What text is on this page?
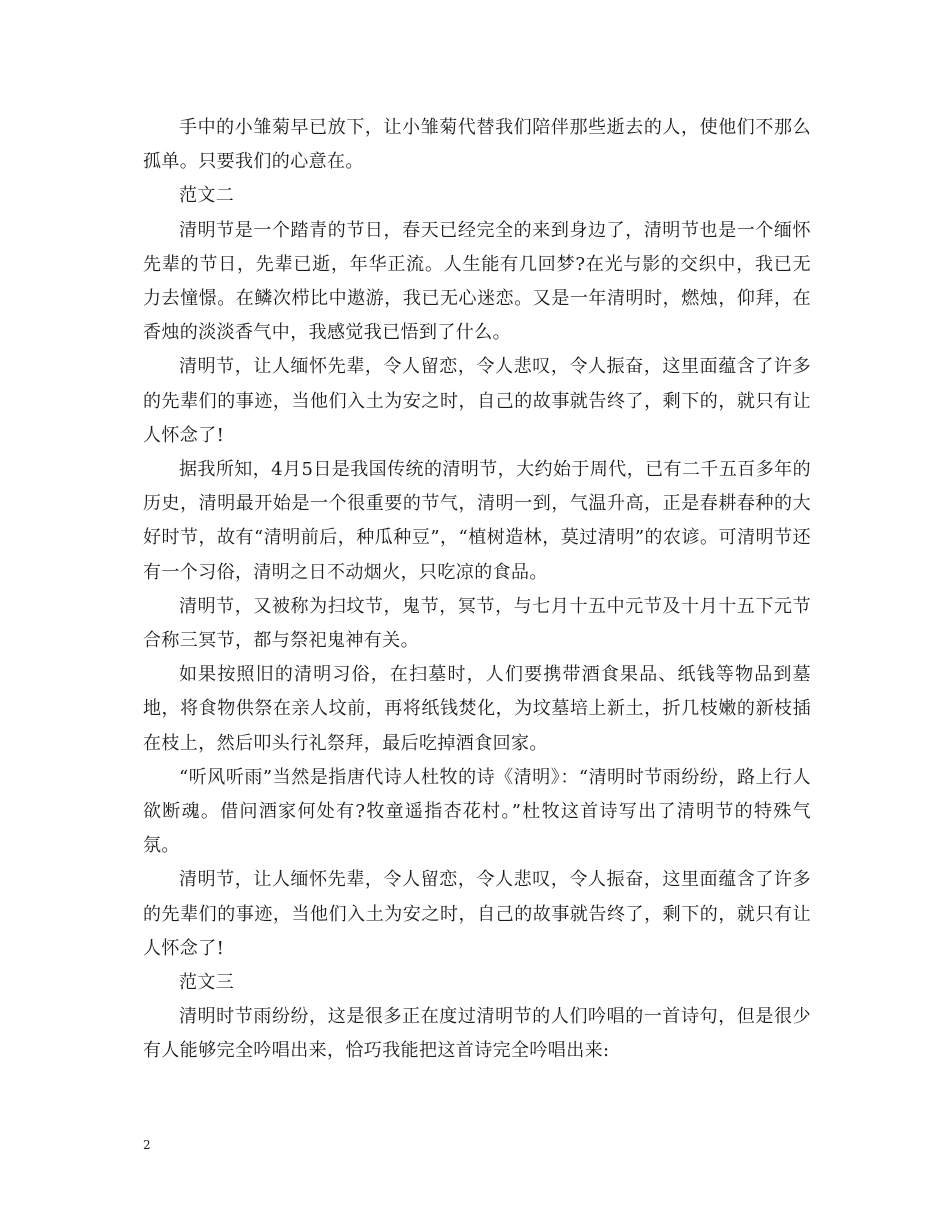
手中的小雏菊早已放下，让小雏菊代替我们陪伴那些逝去的人，使他们不那么孤单。只要我们的心意在。

范文二

清明节是一个踏青的节日，春天已经完全的来到身边了，清明节也是一个缅怀先辈的节日，先辈已逝，年华正流。人生能有几回梦?在光与影的交织中，我已无力去憧憬。在鳞次栉比中遨游，我已无心迷恋。又是一年清明时，燃烛，仰拜，在香烛的淡淡香气中，我感觉我已悟到了什么。

清明节，让人缅怀先辈，令人留恋，令人悲叹，令人振奋，这里面蕴含了许多的先辈们的事迹，当他们入土为安之时，自己的故事就告终了，剩下的，就只有让人怀念了!

据我所知，4月5日是我国传统的清明节，大约始于周代，已有二千五百多年的历史，清明最开始是一个很重要的节气，清明一到，气温升高，正是春耕春种的大好时节，故有“清明前后，种瓜种豆”，“植树造林，莫过清明”的农谚。可清明节还有一个习俗，清明之日不动烟火，只吃凉的食品。

清明节，又被称为扫坟节，鬼节，冥节，与七月十五中元节及十月十五下元节合称三冥节，都与祭祀鬼神有关。

如果按照旧的清明习俗，在扫墓时，人们要携带酒食果品、纸钱等物品到墓地，将食物供祭在亲人坟前，再将纸钱焚化，为坟墓培上新土，折几枝嫩的新枝插在枝上，然后叩头行礼祭拜，最后吃掉酒食回家。

“听风听雨”当然是指唐代诗人杜牧的诗《清明》：“清明时节雨纷纷，路上行人欲断魂。借问酒家何处有?牧童遥指杏花村。”杜牧这首诗写出了清明节的特殊气氛。

清明节，让人缅怀先辈，令人留恋，令人悲叹，令人振奋，这里面蕴含了许多的先辈们的事迹，当他们入土为安之时，自己的故事就告终了，剩下的，就只有让人怀念了!

范文三

清明时节雨纷纷，这是很多正在度过清明节的人们吟唱的一首诗句，但是很少有人能够完全吟唱出来，恰巧我能把这首诗完全吟唱出来:

2
